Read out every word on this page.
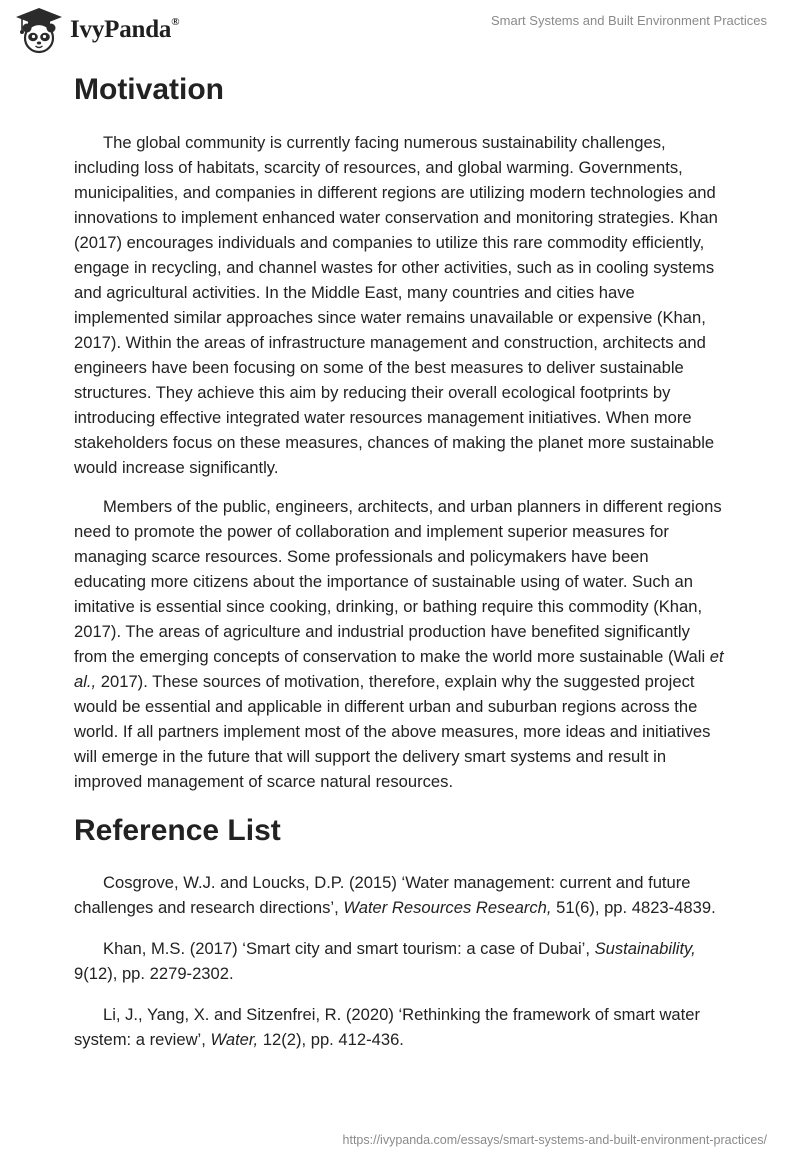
IvyPanda®	Smart Systems and Built Environment Practices
Motivation

The global community is currently facing numerous sustainability challenges, including loss of habitats, scarcity of resources, and global warming. Governments, municipalities, and companies in different regions are utilizing modern technologies and innovations to implement enhanced water conservation and monitoring strategies. Khan (2017) encourages individuals and companies to utilize this rare commodity efficiently, engage in recycling, and channel wastes for other activities, such as in cooling systems and agricultural activities. In the Middle East, many countries and cities have implemented similar approaches since water remains unavailable or expensive (Khan, 2017). Within the areas of infrastructure management and construction, architects and engineers have been focusing on some of the best measures to deliver sustainable structures. They achieve this aim by reducing their overall ecological footprints by introducing effective integrated water resources management initiatives. When more stakeholders focus on these measures, chances of making the planet more sustainable would increase significantly.

Members of the public, engineers, architects, and urban planners in different regions need to promote the power of collaboration and implement superior measures for managing scarce resources. Some professionals and policymakers have been educating more citizens about the importance of sustainable using of water. Such an imitative is essential since cooking, drinking, or bathing require this commodity (Khan, 2017). The areas of agriculture and industrial production have benefited significantly from the emerging concepts of conservation to make the world more sustainable (Wali et al., 2017). These sources of motivation, therefore, explain why the suggested project would be essential and applicable in different urban and suburban regions across the world. If all partners implement most of the above measures, more ideas and initiatives will emerge in the future that will support the delivery smart systems and result in improved management of scarce natural resources.

Reference List

Cosgrove, W.J. and Loucks, D.P. (2015) ‘Water management: current and future challenges and research directions’, Water Resources Research, 51(6), pp. 4823-4839.

Khan, M.S. (2017) ‘Smart city and smart tourism: a case of Dubai’, Sustainability, 9(12), pp. 2279-2302.

Li, J., Yang, X. and Sitzenfrei, R. (2020) ‘Rethinking the framework of smart water system: a review’, Water, 12(2), pp. 412-436.

https://ivypanda.com/essays/smart-systems-and-built-environment-practices/
